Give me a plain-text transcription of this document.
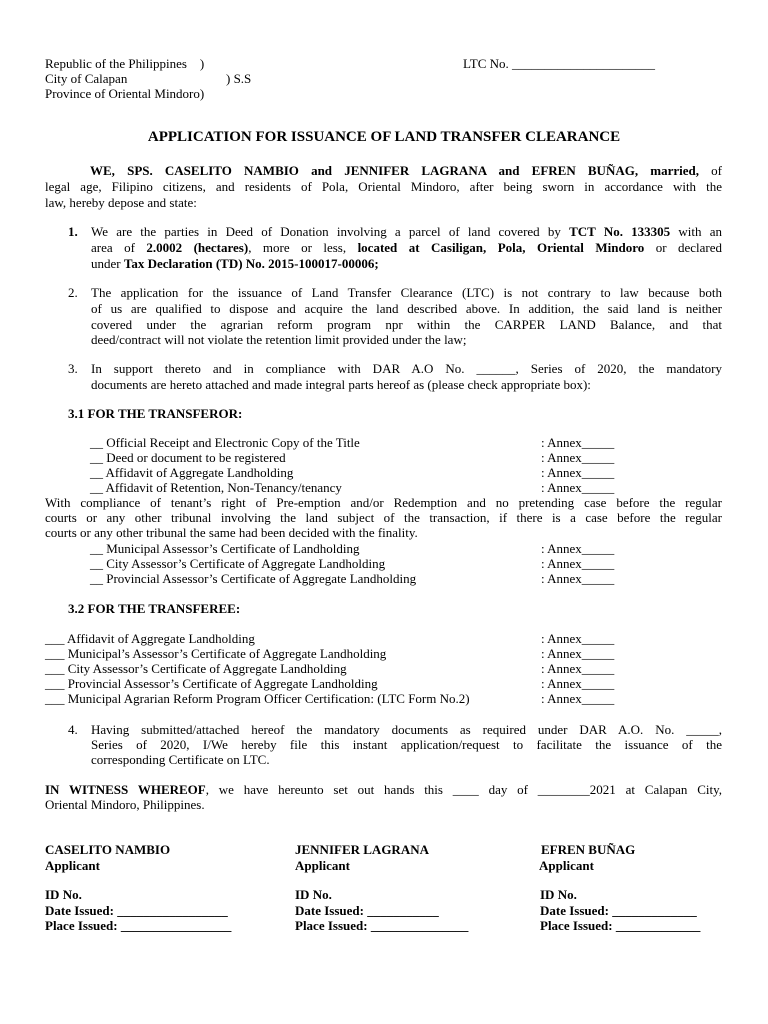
Republic of the Philippines    )
City of Calapan	) S.S
Province of Oriental Mindoro)
LTC No. ______________________
APPLICATION FOR ISSUANCE OF LAND TRANSFER CLEARANCE
WE, SPS. CASELITO NAMBIO and JENNIFER LAGRANA and EFREN BUÑAG, married, of
legal age, Filipino citizens, and residents of Pola, Oriental Mindoro, after being sworn in accordance with the
law, hereby depose and state:
1. We are the parties in Deed of Donation involving a parcel of land covered by TCT No. 133305 with an
area of 2.0002 (hectares), more or less, located at Casiligan, Pola, Oriental Mindoro or declared
under Tax Declaration (TD) No. 2015-100017-00006;
2. The application for the issuance of Land Transfer Clearance (LTC) is not contrary to law because both
of us are qualified to dispose and acquire the land described above. In addition, the said land is neither
covered under the agrarian reform program npr within the CARPER LAND Balance, and that
deed/contract will not violate the retention limit provided under the law;
3. In support thereto and in compliance with DAR A.O No. ______, Series of 2020, the mandatory
documents are hereto attached and made integral parts hereof as (please check appropriate box):
3.1 FOR THE TRANSFEROR:
__ Official Receipt and Electronic Copy of the Title	: Annex_____
__ Deed or document to be registered	: Annex_____
__ Affidavit of Aggregate Landholding	: Annex_____
__ Affidavit of Retention, Non-Tenancy/tenancy	: Annex_____
With compliance of tenant’s right of Pre-emption and/or Redemption and no pretending case before the regular
courts or any other tribunal involving the land subject of the transaction, if there is a case before the regular
courts or any other tribunal the same had been decided with the finality.
__ Municipal Assessor’s Certificate of Landholding	: Annex_____
__ City Assessor’s Certificate of Aggregate Landholding	: Annex_____
__ Provincial Assessor’s Certificate of Aggregate Landholding	: Annex_____
3.2 FOR THE TRANSFEREE:
___ Affidavit of Aggregate Landholding	: Annex_____
___ Municipal’s Assessor’s Certificate of Aggregate Landholding	: Annex_____
___ City Assessor’s Certificate of Aggregate Landholding	: Annex_____
___ Provincial Assessor’s Certificate of Aggregate Landholding	: Annex_____
___ Municipal Agrarian Reform Program Officer Certification: (LTC Form No.2)	: Annex_____
4. Having submitted/attached hereof the mandatory documents as required under DAR A.O. No. _____,
Series of 2020, I/We hereby file this instant application/request to facilitate the issuance of the
corresponding Certificate on LTC.
IN WITNESS WHEREOF, we have hereunto set out hands this ____ day of ________2021 at Calapan City,
Oriental Mindoro, Philippines.
CASELITO NAMBIO
Applicant
ID No.
Date Issued: _________________
Place Issued: _________________
JENNIFER LAGRANA
Applicant
ID No.
Date Issued: ___________
Place Issued: _______________
EFREN BUÑAG
Applicant
ID No.
Date Issued: _____________
Place Issued: _____________
